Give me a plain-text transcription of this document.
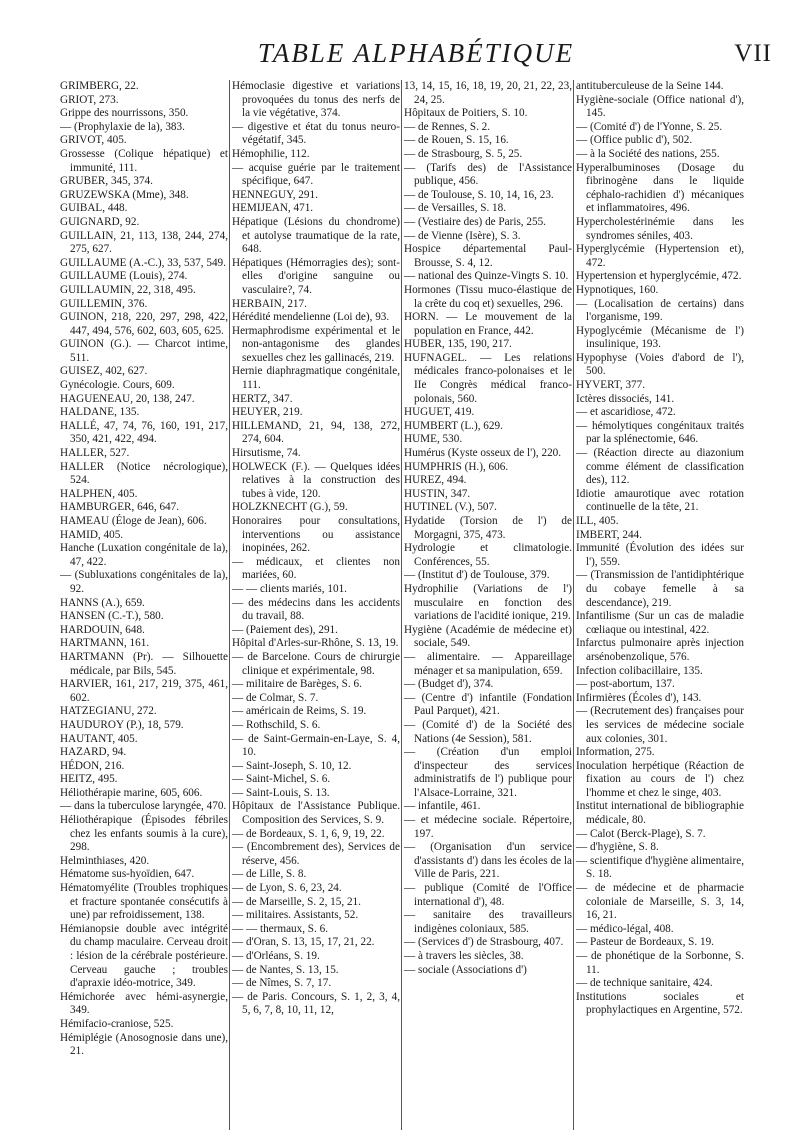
TABLE ALPHABÉTIQUE	VII

GRIMBERG, 22.

GRIOT, 273.

Grippe des nourrissons, 350.

— (Prophylaxie de la), 383.

GRIVOT, 405.

Grossesse (Colique hépatique) et immunité, 111.

GRUBER, 345, 374.

GRUZEWSKA (Mme), 348.

GUIBAL, 448.

GUIGNARD, 92.

GUILLAIN, 21, 113, 138, 244, 274, 275, 627.

GUILLAUME (A.-C.), 33, 537, 549.

GUILLAUME (Louis), 274.

GUILLAUMIN, 22, 318, 495.

GUILLEMIN, 376.

GUINON, 218, 220, 297, 298, 422, 447, 494, 576, 602, 603, 605, 625.

GUINON (G.). — Charcot intime, 511.

GUISEZ, 402, 627.

Gynécologie. Cours, 609.

HAGUENEAU, 20, 138, 247.

HALDANE, 135.

HALLÉ, 47, 74, 76, 160, 191, 217, 350, 421, 422, 494.

HALLER, 527.

HALLER (Notice nécrologique), 524.

HALPHEN, 405.

HAMBURGER, 646, 647.

HAMEAU (Éloge de Jean), 606.

HAMID, 405.

Hanche (Luxation congénitale de la), 47, 422.

— (Subluxations congénitales de la), 92.

HANNS (A.), 659.

HANSEN (C.-T.), 580.

HARDOUIN, 648.

HARTMANN, 161.

HARTMANN (Pr). — Silhouette médicale, par Bils, 545.

HARVIER, 161, 217, 219, 375, 461, 602.

HATZEGIANU, 272.

HAUDUROY (P.), 18, 579.

HAUTANT, 405.

HAZARD, 94.

HÉDON, 216.

HEITZ, 495.

Héliothérapie marine, 605, 606.

— dans la tuberculose laryngée, 470.

Héliothérapique (Épisodes fébriles chez les enfants soumis à la cure), 298.

Helminthiases, 420.

Hématome sus-hyoïdien, 647.

Hématomyélite (Troubles trophiques et fracture spontanée consécutifs à une) par refroidissement, 138.

Hémianopsie double avec intégrité du champ maculaire. Cerveau droit : lésion de la cérébrale postérieure. Cerveau gauche ; troubles d'apraxie idéo-motrice, 349.

Hémichorée avec hémi-asynergie, 349.

Hémifacio-craniose, 525.

Hémiplégie (Anosognosie dans une), 21.

Hémoclasie digestive et variations provoquées du tonus des nerfs de la vie végétative, 374.

— digestive et état du tonus neuro-végétatif, 345.

Hémophilie, 112.

— acquise guérie par le traitement spécifique, 647.

HENNEGUY, 291.

HEMIJEAN, 471.

Hépatique (Lésions du chondrome) et autolyse traumatique de la rate, 648.

Hépatiques (Hémorragies des); sont-elles d'origine sanguine ou vasculaire?, 74.

HERBAIN, 217.

Hérédité mendelienne (Loi de), 93.

Hermaphrodisme expérimental et le non-antagonisme des glandes sexuelles chez les gallinacés, 219.

Hernie diaphragmatique congénitale, 111.

HERTZ, 347.

HEUYER, 219.

HILLEMAND, 21, 94, 138, 272, 274, 604.

Hirsutisme, 74.

HOLWECK (F.). — Quelques idées relatives à la construction des tubes à vide, 120.

HOLZKNECHT (G.), 59.

Honoraires pour consultations, interventions ou assistance inopinées, 262.

— médicaux, et clientes non mariées, 60.

— — clients mariés, 101.

— des médecins dans les accidents du travail, 88.

— (Paiement des), 291.

Hôpital d'Arles-sur-Rhône, S. 13, 19.

— de Barcelone. Cours de chirurgie clinique et expérimentale, 98.

— militaire de Barèges, S. 6.

— de Colmar, S. 7.

— américain de Reims, S. 19.

— Rothschild, S. 6.

— de Saint-Germain-en-Laye, S. 4, 10.

— Saint-Joseph, S. 10, 12.

— Saint-Michel, S. 6.

— Saint-Louis, S. 13.

Hôpitaux de l'Assistance Publique. Composition des Services, S. 9.

— de Bordeaux, S. 1, 6, 9, 19, 22.

— (Encombrement des), Services de réserve, 456.

— de Lille, S. 8.

— de Lyon, S. 6, 23, 24.

— de Marseille, S. 2, 15, 21.

— militaires. Assistants, 52.

— — thermaux, S. 6.

— d'Oran, S. 13, 15, 17, 21, 22.

— d'Orléans, S. 19.

— de Nantes, S. 13, 15.

— de Nîmes, S. 7, 17.

— de Paris. Concours, S. 1, 2, 3, 4, 5, 6, 7, 8, 10, 11, 12,

13, 14, 15, 16, 18, 19, 20, 21, 22, 23, 24, 25.

Hôpitaux de Poitiers, S. 10.

— de Rennes, S. 2.

— de Rouen, S. 15, 16.

— de Strasbourg, S. 5, 25.

— (Tarifs des) de l'Assistance publique, 456.

— de Toulouse, S. 10, 14, 16, 23.

— de Versailles, S. 18.

— (Vestiaire des) de Paris, 255.

— de Vienne (Isère), S. 3.

Hospice départemental Paul-Brousse, S. 4, 12.

— national des Quinze-Vingts S. 10.

Hormones (Tissu muco-élastique de la crête du coq et) sexuelles, 296.

HORN. — Le mouvement de la population en France, 442.

HUBER, 135, 190, 217.

HUFNAGEL. — Les relations médicales franco-polonaises et le IIe Congrès médical franco-polonais, 560.

HUGUET, 419.

HUMBERT (L.), 629.

HUME, 530.

Humérus (Kyste osseux de l'), 220.

HUMPHRIS (H.), 606.

HUREZ, 494.

HUSTIN, 347.

HUTINEL (V.), 507.

Hydatide (Torsion de l') de Morgagni, 375, 473.

Hydrologie et climatologie. Conférences, 55.

— (Institut d') de Toulouse, 379.

Hydrophilie (Variations de l') musculaire en fonction des variations de l'acidité ionique, 219.

Hygiène (Académie de médecine et) sociale, 549.

— alimentaire. — Appareillage ménager et sa manipulation, 659.

— (Budget d'), 374.

— (Centre d') infantile (Fondation Paul Parquet), 421.

— (Comité d') de la Société des Nations (4e Session), 581.

— (Création d'un emploi d'inspecteur des services administratifs de l') publique pour l'Alsace-Lorraine, 321.

— infantile, 461.

— et médecine sociale. Répertoire, 197.

— (Organisation d'un service d'assistants d') dans les écoles de la Ville de Paris, 221.

— publique (Comité de l'Office international d'), 48.

— sanitaire des travailleurs indigènes coloniaux, 585.

— (Services d') de Strasbourg, 407.

— à travers les siècles, 38.

— sociale (Associations d')

antituberculeuse de la Seine 144.

Hygiène-sociale (Office national d'), 145.

— (Comité d') de l'Yonne, S. 25.

— (Office public d'), 502.

— à la Société des nations, 255.

Hyperalbuminoses (Dosage du fibrinogène dans le liquide céphalo-rachidien d') mécaniques et inflammatoires, 496.

Hypercholestérinémie dans les syndromes séniles, 403.

Hyperglycémie (Hypertension et), 472.

Hypertension et hyperglycémie, 472.

Hypnotiques, 160.

— (Localisation de certains) dans l'organisme, 199.

Hypoglycémie (Mécanisme de l') insulinique, 193.

Hypophyse (Voies d'abord de l'), 500.

HYVERT, 377.

Ictères dissociés, 141.

— et ascaridiose, 472.

— hémolytiques congénitaux traités par la splénectomie, 646.

— (Réaction directe au diazonium comme élément de classification des), 112.

Idiotie amaurotique avec rotation continuelle de la tête, 21.

ILL, 405.

IMBERT, 244.

Immunité (Évolution des idées sur l'), 559.

— (Transmission de l'antidiphtérique du cobaye femelle à sa descendance), 219.

Infantilisme (Sur un cas de maladie cœliaque ou intestinal, 422.

Infarctus pulmonaire après injection arsénobenzolique, 576.

Infection colibacillaire, 135.

— post-abortum, 137.

Infirmières (Écoles d'), 143.

— (Recrutement des) françaises pour les services de médecine sociale aux colonies, 301.

Information, 275.

Inoculation herpétique (Réaction de fixation au cours de l') chez l'homme et chez le singe, 403.

Institut international de bibliographie médicale, 80.

— Calot (Berck-Plage), S. 7.

— d'hygiène, S. 8.

— scientifique d'hygiène alimentaire, S. 18.

— de médecine et de pharmacie coloniale de Marseille, S. 3, 14, 16, 21.

— médico-légal, 408.

— Pasteur de Bordeaux, S. 19.

— de phonétique de la Sorbonne, S. 11.

— de technique sanitaire, 424.

Institutions sociales et prophylactiques en Argentine, 572.
